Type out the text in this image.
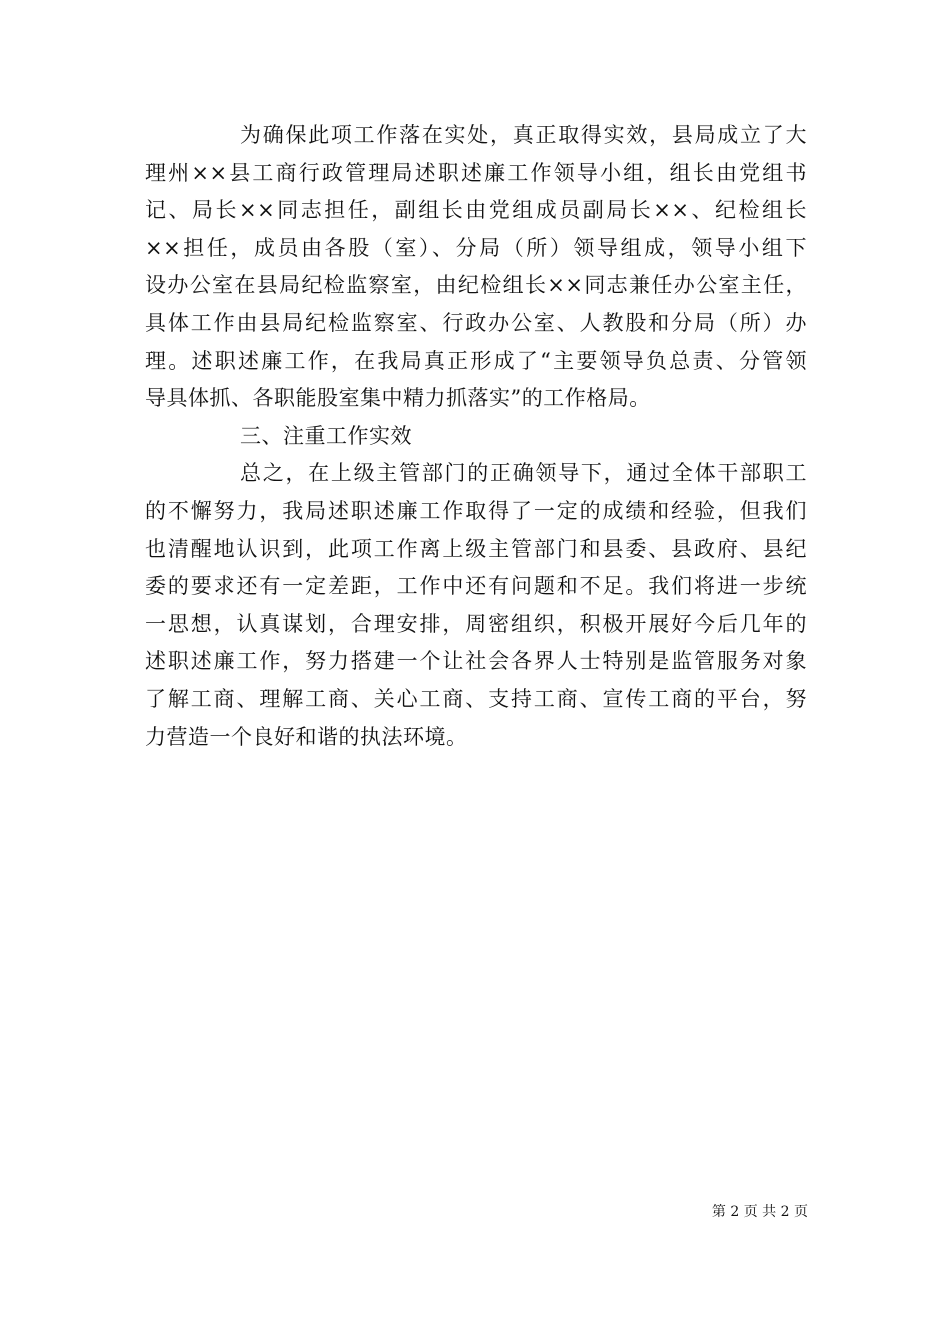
为确保此项工作落在实处，真正取得实效，县局成立了大
理州××县工商行政管理局述职述廉工作领导小组，组长由党组书
记、局长××同志担任，副组长由党组成员副局长××、纪检组长
××担任，成员由各股（室）、分局（所）领导组成，领导小组下
设办公室在县局纪检监察室，由纪检组长××同志兼任办公室主任，
具体工作由县局纪检监察室、行政办公室、人教股和分局（所）办
理。述职述廉工作，在我局真正形成了“主要领导负总责、分管领
导具体抓、各职能股室集中精力抓落实”的工作格局。
三、注重工作实效
总之，在上级主管部门的正确领导下，通过全体干部职工
的不懈努力，我局述职述廉工作取得了一定的成绩和经验，但我们
也清醒地认识到，此项工作离上级主管部门和县委、县政府、县纪
委的要求还有一定差距，工作中还有问题和不足。我们将进一步统
一思想，认真谋划，合理安排，周密组织，积极开展好今后几年的
述职述廉工作，努力搭建一个让社会各界人士特别是监管服务对象
了解工商、理解工商、关心工商、支持工商、宣传工商的平台，努
力营造一个良好和谐的执法环境。
第 2 页 共 2 页
